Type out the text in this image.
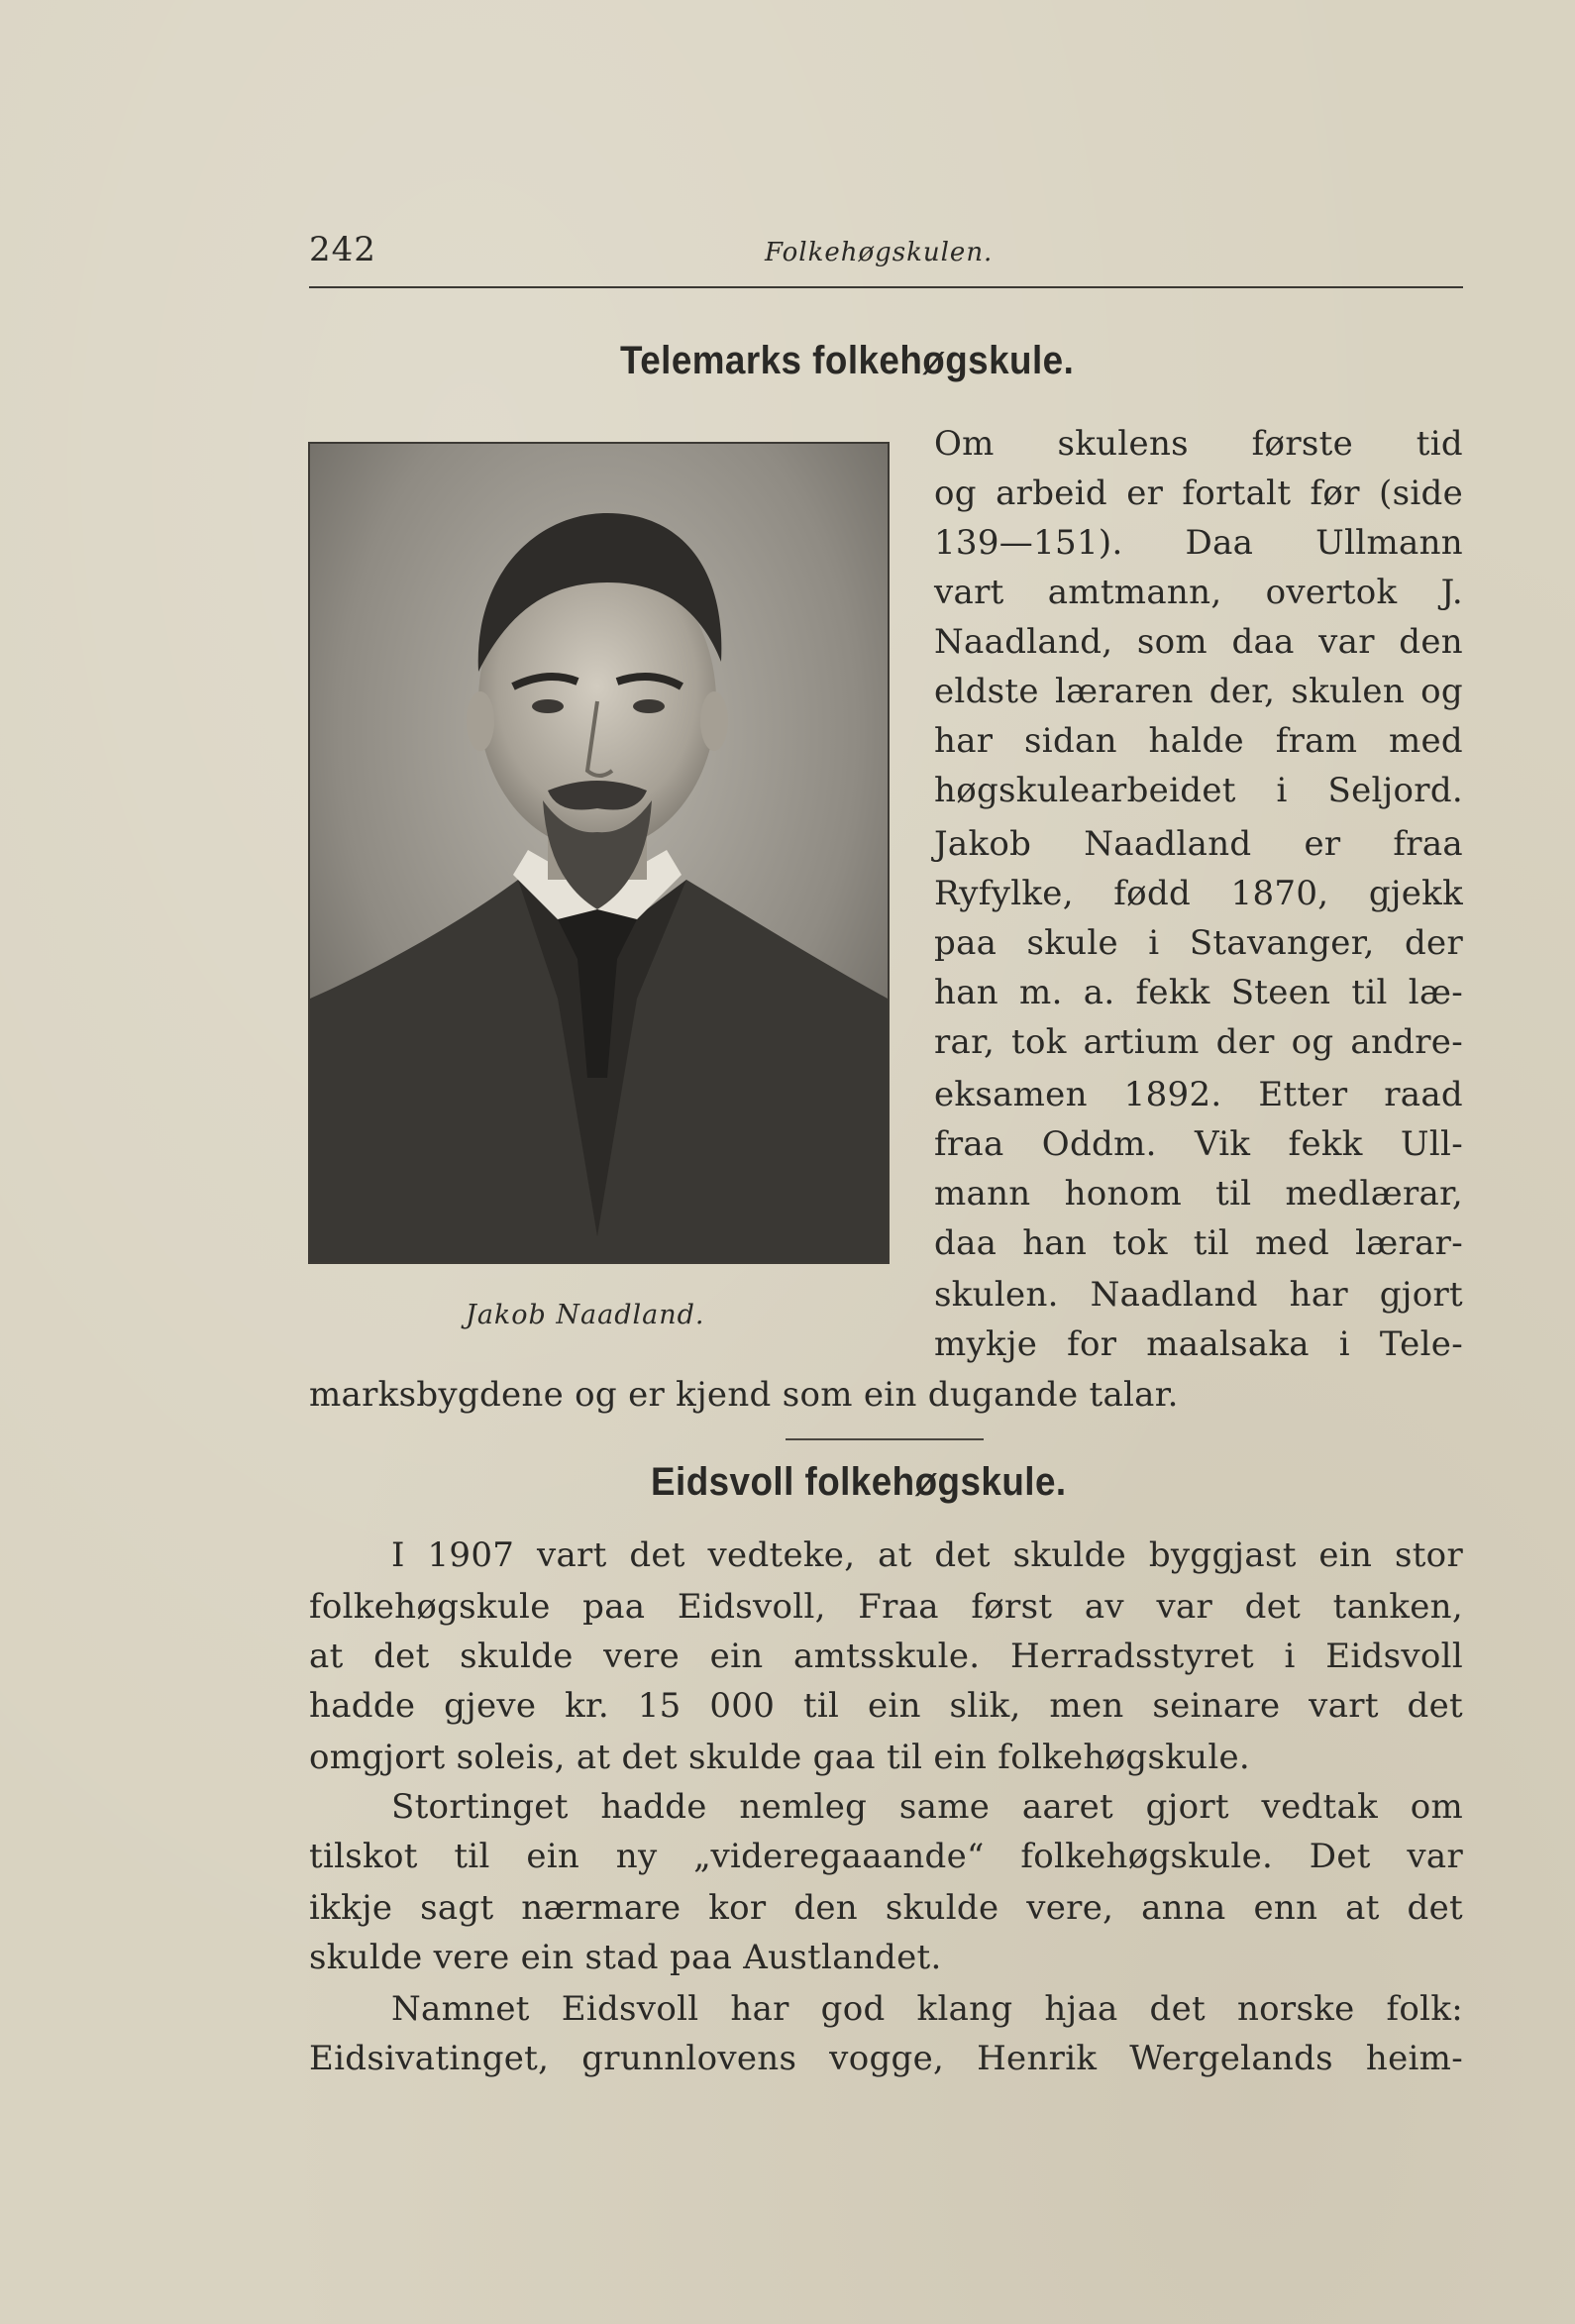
242	Folkehøgskulen.
Telemarks folkehøgskule.
Jakob Naadland.
Om skulens første tid
og arbeid er fortalt før (side
139—151). Daa Ullmann
vart amtmann, overtok J.
Naadland, som daa var den
eldste læraren der, skulen og
har sidan halde fram med
høgskulearbeidet i Seljord.
Jakob Naadland er fraa
Ryfylke, fødd 1870, gjekk
paa skule i Stavanger, der
han m. a. fekk Steen til læ-
rar, tok artium der og andre-
eksamen 1892. Etter raad
fraa Oddm. Vik fekk Ull-
mann honom til medlærar,
daa han tok til med lærar-
skulen. Naadland har gjort
mykje for maalsaka i Tele-
marksbygdene og er kjend som ein dugande talar.
Eidsvoll folkehøgskule.
I 1907 vart det vedteke, at det skulde byggjast ein stor
folkehøgskule paa Eidsvoll, Fraa først av var det tanken,
at det skulde vere ein amtsskule. Herradsstyret i Eidsvoll
hadde gjeve kr. 15 000 til ein slik, men seinare vart det
omgjort soleis, at det skulde gaa til ein folkehøgskule.
Stortinget hadde nemleg same aaret gjort vedtak om
tilskot til ein ny „videregaaande“ folkehøgskule. Det var
ikkje sagt nærmare kor den skulde vere, anna enn at det
skulde vere ein stad paa Austlandet.
Namnet Eidsvoll har god klang hjaa det norske folk:
Eidsivatinget, grunnlovens vogge, Henrik Wergelands heim-
